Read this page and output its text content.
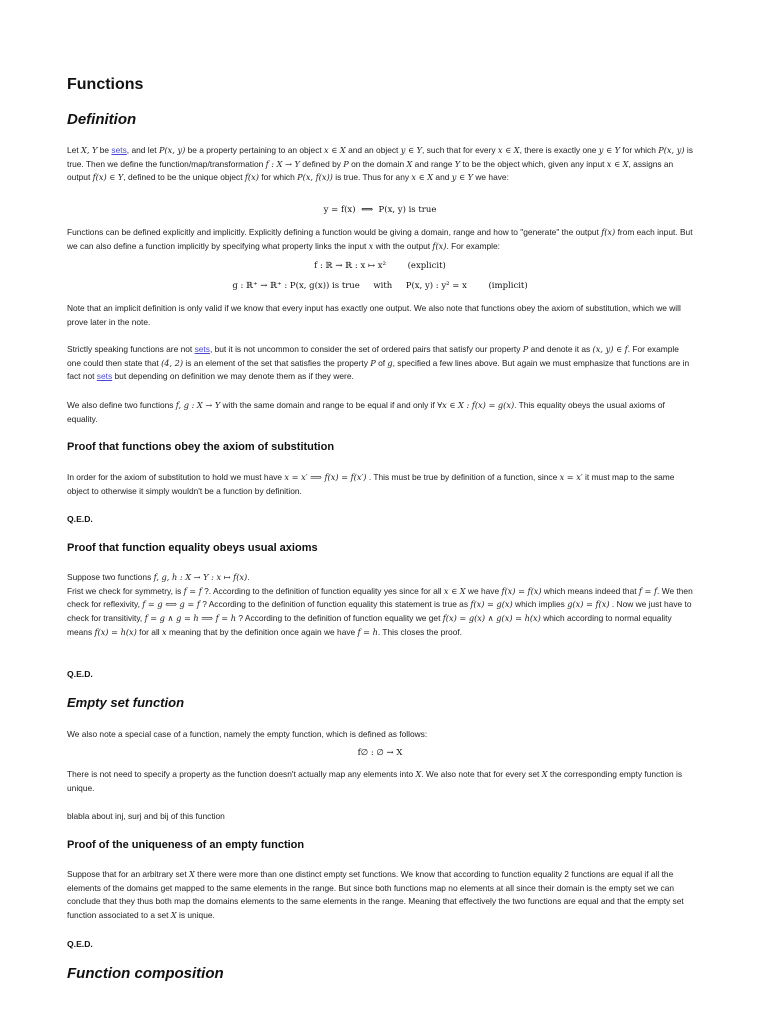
Functions
Definition

Let X, Y be sets, and let P(x, y) be a property pertaining to an object x ∈ X and an object y ∈ Y, such that for every x ∈ X, there is exactly one y ∈ Y for which P(x, y) is true. Then we define the function/map/transformation f : X → Y defined by P on the domain X and range Y to be the object which, given any input x ∈ X, assigns an output f(x) ∈ Y, defined to be the unique object f(x) for which P(x, f(x)) is true. Thus for any x ∈ X and y ∈ Y we have:

y = f(x)  ⟺  P(x, y) is true

Functions can be defined explicitly and implicitly. Explicitly defining a function would be giving a domain, range and how to "generate" the output f(x) from each input. But we can also define a function implicitly by specifying what property links the input x with the output f(x). For example:

f : ℝ → ℝ : x ↦ x²        (explicit)
g : ℝ⁺ → ℝ⁺ : P(x, g(x)) is true     with     P(x, y) : y² = x        (implicit)

Note that an implicit definition is only valid if we know that every input has exactly one output. We also note that functions obey the axiom of substitution, which we will prove later in the note.

Strictly speaking functions are not sets, but it is not uncommon to consider the set of ordered pairs that satisfy our property P and denote it as (x, y) ∈ f. For example one could then state that (4, 2) is an element of the set that satisfies the property P of g, specified a few lines above. But again we must emphasize that functions are in fact not sets but depending on definition we may denote them as if they were.

We also define two functions f, g : X → Y with the same domain and range to be equal if and only if ∀x ∈ X : f(x) = g(x). This equality obeys the usual axioms of equality.

Proof that functions obey the axiom of substitution

In order for the axiom of substitution to hold we must have x = x′ ⟹ f(x) = f(x′) . This must be true by definition of a function, since x = x′ it must map to the same object to otherwise it simply wouldn't be a function by definition.

Q.E.D.
Proof that function equality obeys usual axioms

Suppose two functions f, g, h : X → Y : x ↦ f(x).
Frist we check for symmetry, is f = f ?. According to the definition of function equality yes since for all x ∈ X we have f(x) = f(x) which means indeed that f = f. We then check for reflexivity, f = g ⟺ g = f ? According to the definition of function equality this statement is true as f(x) = g(x) which implies g(x) = f(x) . Now we just have to check for transitivity, f = g ∧ g = h ⟹ f = h ? According to the definition of function equality we get f(x) = g(x) ∧ g(x) = h(x) which according to normal equality means f(x) = h(x) for all x meaning that by the definition once again we have f = h. This closes the proof.

Q.E.D.
Empty set function

We also note a special case of a function, namely the empty function, which is defined as follows:

f∅ : ∅ → X

There is not need to specify a property as the function doesn't actually map any elements into X. We also note that for every set X the corresponding empty function is unique.

blabla about inj, surj and bij of this function

Proof of the uniqueness of an empty function

Suppose that for an arbitrary set X there were more than one distinct empty set functions. We know that according to function equality 2 functions are equal if all the elements of the domains get mapped to the same elements in the range. But since both functions map no elements at all since their domain is the empty set we can conclude that they thus both map the domains elements to the same elements in the range. Meaning that effectively the two functions are equal and that the empty set function associated to a set X is unique.

Q.E.D.
Function composition
